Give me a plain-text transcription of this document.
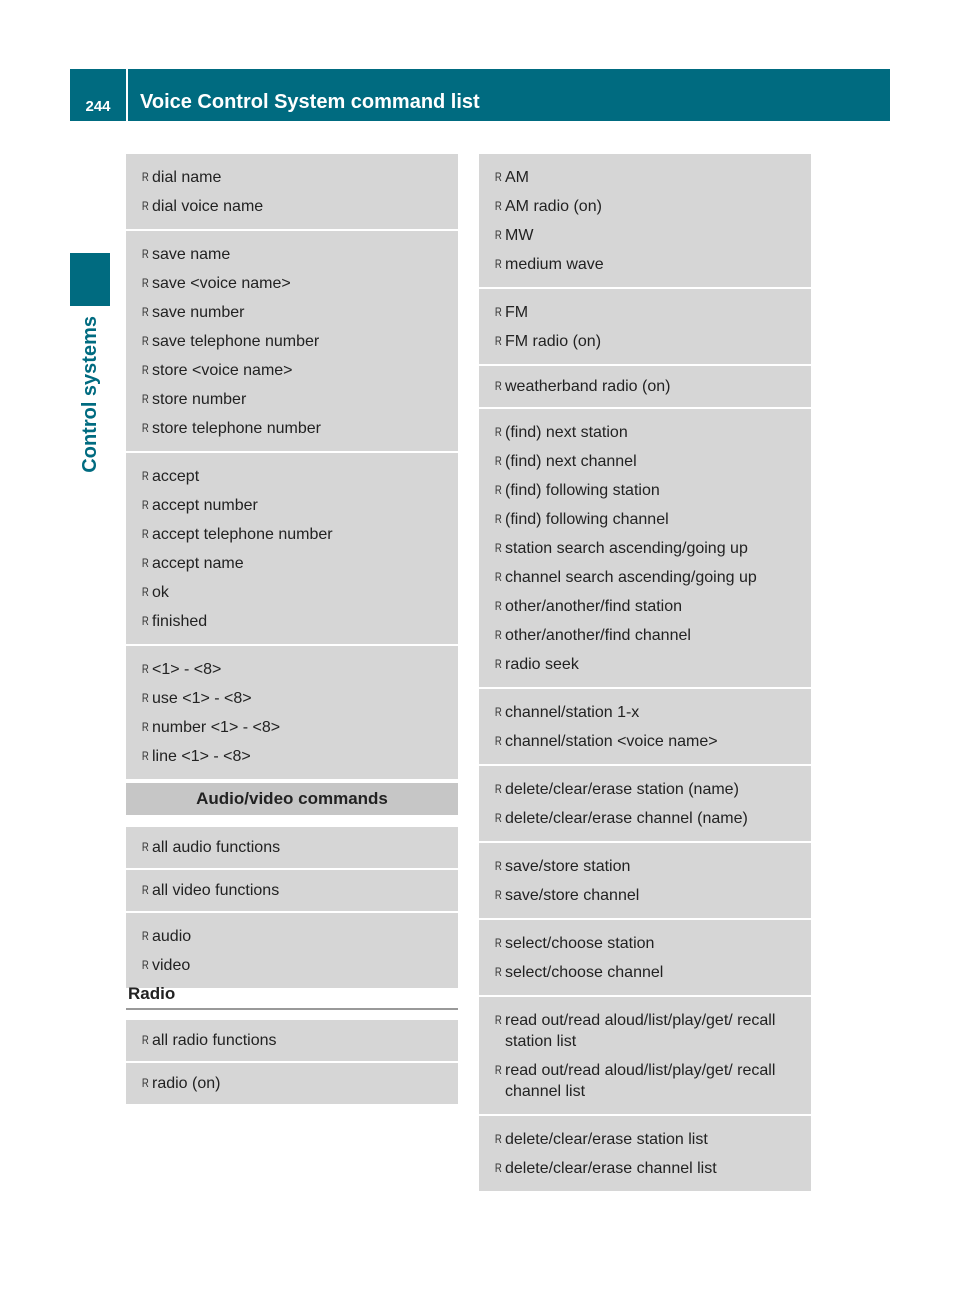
244	Voice Control System command list
Control systems
R dial name
R dial voice name
R save name
R save <voice name>
R save number
R save telephone number
R store <voice name>
R store number
R store telephone number
R accept
R accept number
R accept telephone number
R accept name
R ok
R finished
R <1> - <8>
R use <1> - <8>
R number <1> - <8>
R line <1> - <8>
Audio/video commands
R all audio functions
R all video functions
R audio
R video
Radio
R all radio functions
R radio (on)
R AM
R AM radio (on)
R MW
R medium wave
R FM
R FM radio (on)
R weatherband radio (on)
R (find) next station
R (find) next channel
R (find) following station
R (find) following channel
R station search ascending/going up
R channel search ascending/going up
R other/another/find station
R other/another/find channel
R radio seek
R channel/station 1-x
R channel/station <voice name>
R delete/clear/erase station (name)
R delete/clear/erase channel (name)
R save/store station
R save/store channel
R select/choose station
R select/choose channel
R read out/read aloud/list/play/get/ recall station list
R read out/read aloud/list/play/get/ recall channel list
R delete/clear/erase station list
R delete/clear/erase channel list
